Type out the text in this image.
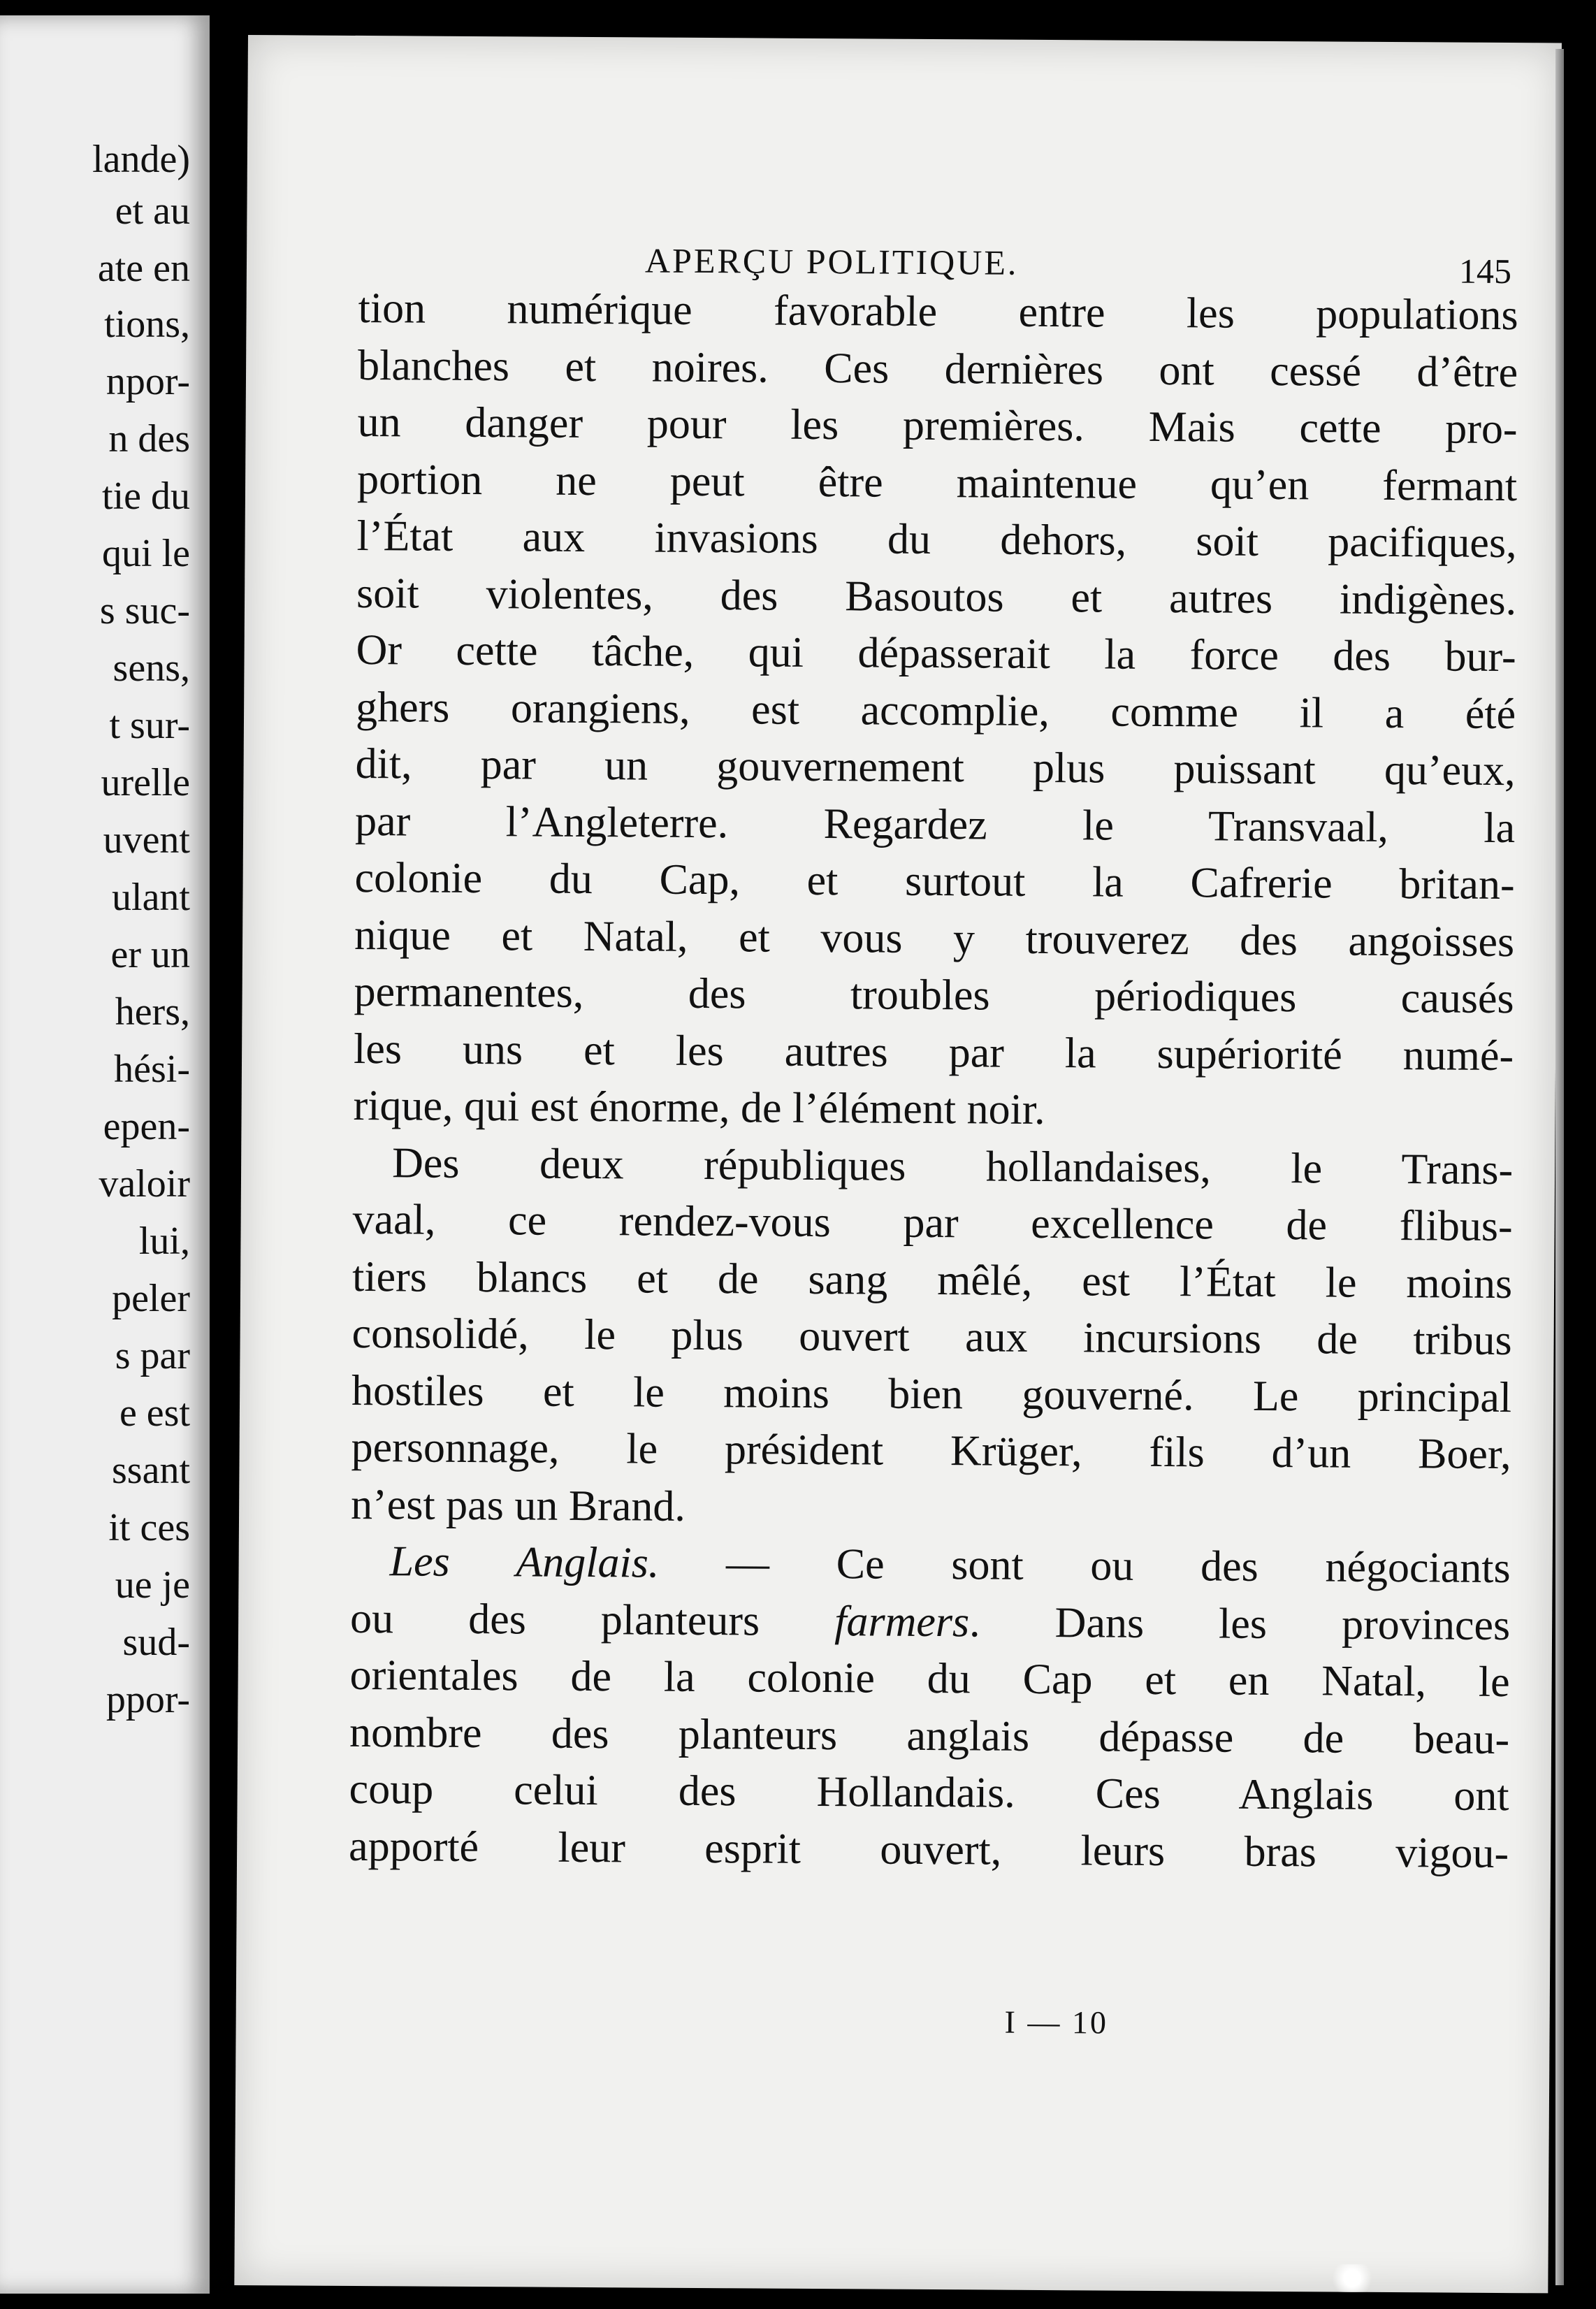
lande)
et au
ate en
tions,
npor-
n des
tie du
qui le
s suc-
sens,
t sur-
urelle
uvent
ulant
er un
hers,
hési-
epen-
valoir
lui,
peler
s par
e est
ssant
it ces
ue je
sud-
ppor-
APERÇU POLITIQUE.	145
tion numérique favorable entre les populations
blanches et noires. Ces dernières ont cessé d’être
un danger pour les premières. Mais cette pro-
portion ne peut être maintenue qu’en fermant
l’État aux invasions du dehors, soit pacifiques,
soit violentes, des Basoutos et autres indigènes.
Or cette tâche, qui dépasserait la force des bur-
ghers orangiens, est accomplie, comme il a été
dit, par un gouvernement plus puissant qu’eux,
par l’Angleterre. Regardez le Transvaal, la
colonie du Cap, et surtout la Cafrerie britan-
nique et Natal, et vous y trouverez des angoisses
permanentes, des troubles périodiques causés
les uns et les autres par la supériorité numé-
rique, qui est énorme, de l’élément noir.
Des deux républiques hollandaises, le Trans-
vaal, ce rendez-vous par excellence de flibus-
tiers blancs et de sang mêlé, est l’État le moins
consolidé, le plus ouvert aux incursions de tribus
hostiles et le moins bien gouverné. Le principal
personnage, le président Krüger, fils d’un Boer,
n’est pas un Brand.
Les Anglais. — Ce sont ou des négociants
ou des planteurs farmers. Dans les provinces
orientales de la colonie du Cap et en Natal, le
nombre des planteurs anglais dépasse de beau-
coup celui des Hollandais. Ces Anglais ont
apporté leur esprit ouvert, leurs bras vigou-
I — 10
